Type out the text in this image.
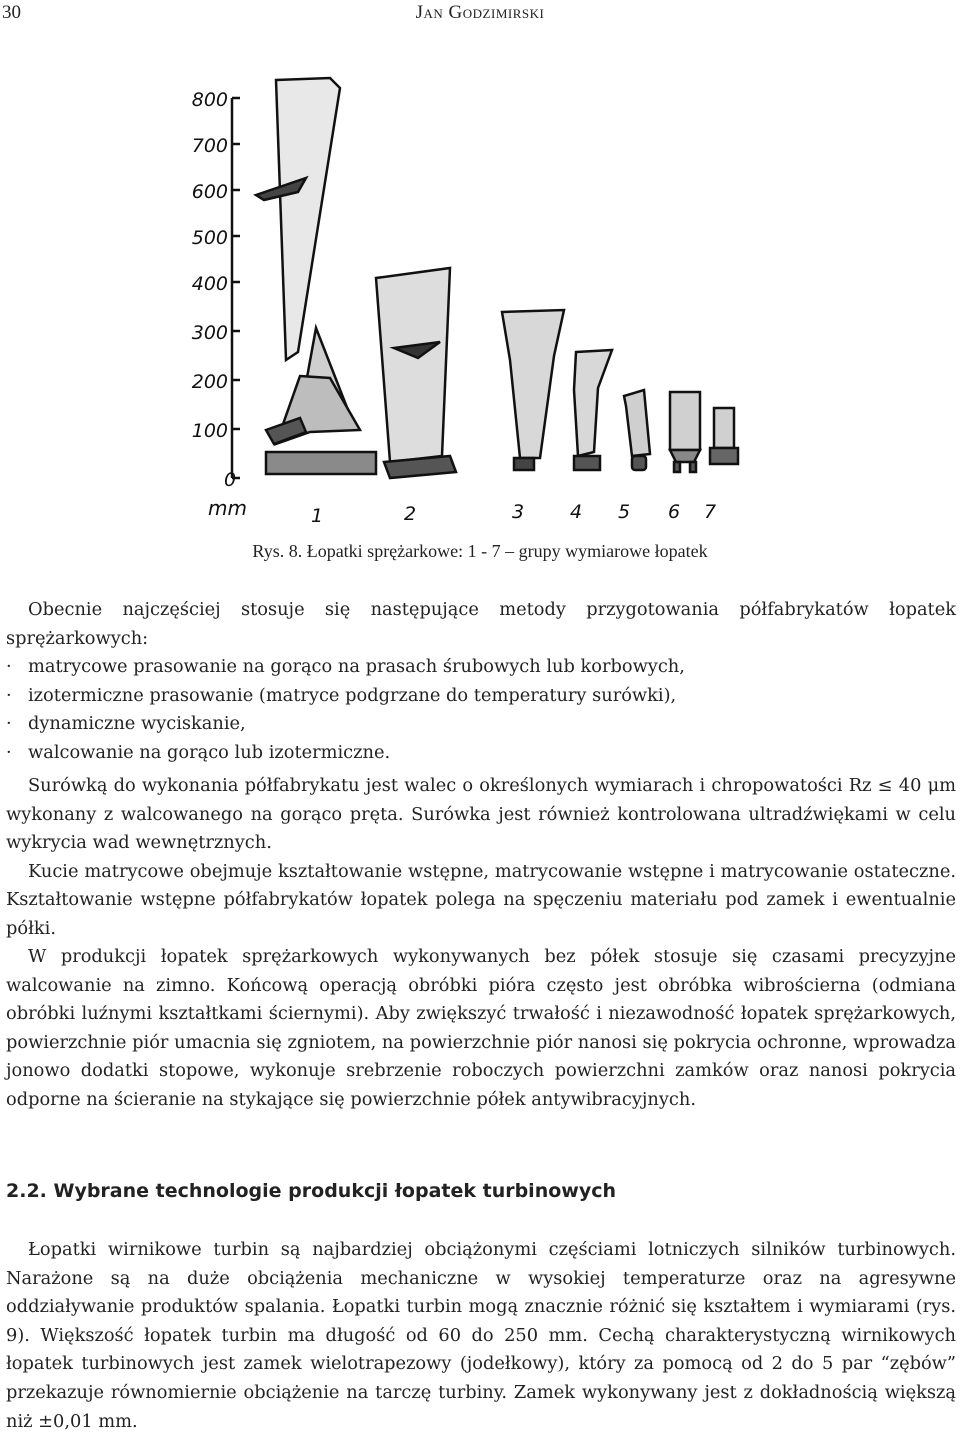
30	Jan Godzimirski
800
700
600
500
400
300
200
100
0
mm	1	2	3 4 5 6 7
Rys. 8. Łopatki sprężarkowe: 1 - 7 – grupy wymiarowe łopatek

Obecnie najczęściej stosuje się następujące metody przygotowania półfabrykatów łopatek sprężarkowych:

· matrycowe prasowanie na gorąco na prasach śrubowych lub korbowych,
· izotermiczne prasowanie (matryce podgrzane do temperatury surówki),
· dynamiczne wyciskanie,
· walcowanie na gorąco lub izotermiczne.

Surówką do wykonania półfabrykatu jest walec o określonych wymiarach i chropowatości Rz ≤ 40 μm wykonany z walcowanego na gorąco pręta. Surówka jest również kontrolowana ultradźwiękami w celu wykrycia wad wewnętrznych.

Kucie matrycowe obejmuje kształtowanie wstępne, matrycowanie wstępne i matrycowanie ostateczne. Kształtowanie wstępne półfabrykatów łopatek polega na spęczeniu materiału pod zamek i ewentualnie półki.

W produkcji łopatek sprężarkowych wykonywanych bez półek stosuje się czasami precyzyjne walcowanie na zimno. Końcową operacją obróbki pióra często jest obróbka wibrościerna (odmiana obróbki luźnymi kształtkami ściernymi). Aby zwiększyć trwałość i niezawodność łopatek sprężarkowych, powierzchnie piór umacnia się zgniotem, na powierzchnie piór nanosi się pokrycia ochronne, wprowadza jonowo dodatki stopowe, wykonuje srebrzenie roboczych powierzchni zamków oraz nanosi pokrycia odporne na ścieranie na stykające się powierzchnie półek antywibracyjnych.

2.2. Wybrane technologie produkcji łopatek turbinowych

Łopatki wirnikowe turbin są najbardziej obciążonymi częściami lotniczych silników turbinowych. Narażone są na duże obciążenia mechaniczne w wysokiej temperaturze oraz na agresywne oddziaływanie produktów spalania. Łopatki turbin mogą znacznie różnić się kształtem i wymiarami (rys. 9). Większość łopatek turbin ma długość od 60 do 250 mm. Cechą charakterystyczną wirnikowych łopatek turbinowych jest zamek wielotrapezowy (jodełkowy), który za pomocą od 2 do 5 par “zębów” przekazuje równomiernie obciążenie na tarczę turbiny. Zamek wykonywany jest z dokładnością większą niż ±0,01 mm.
